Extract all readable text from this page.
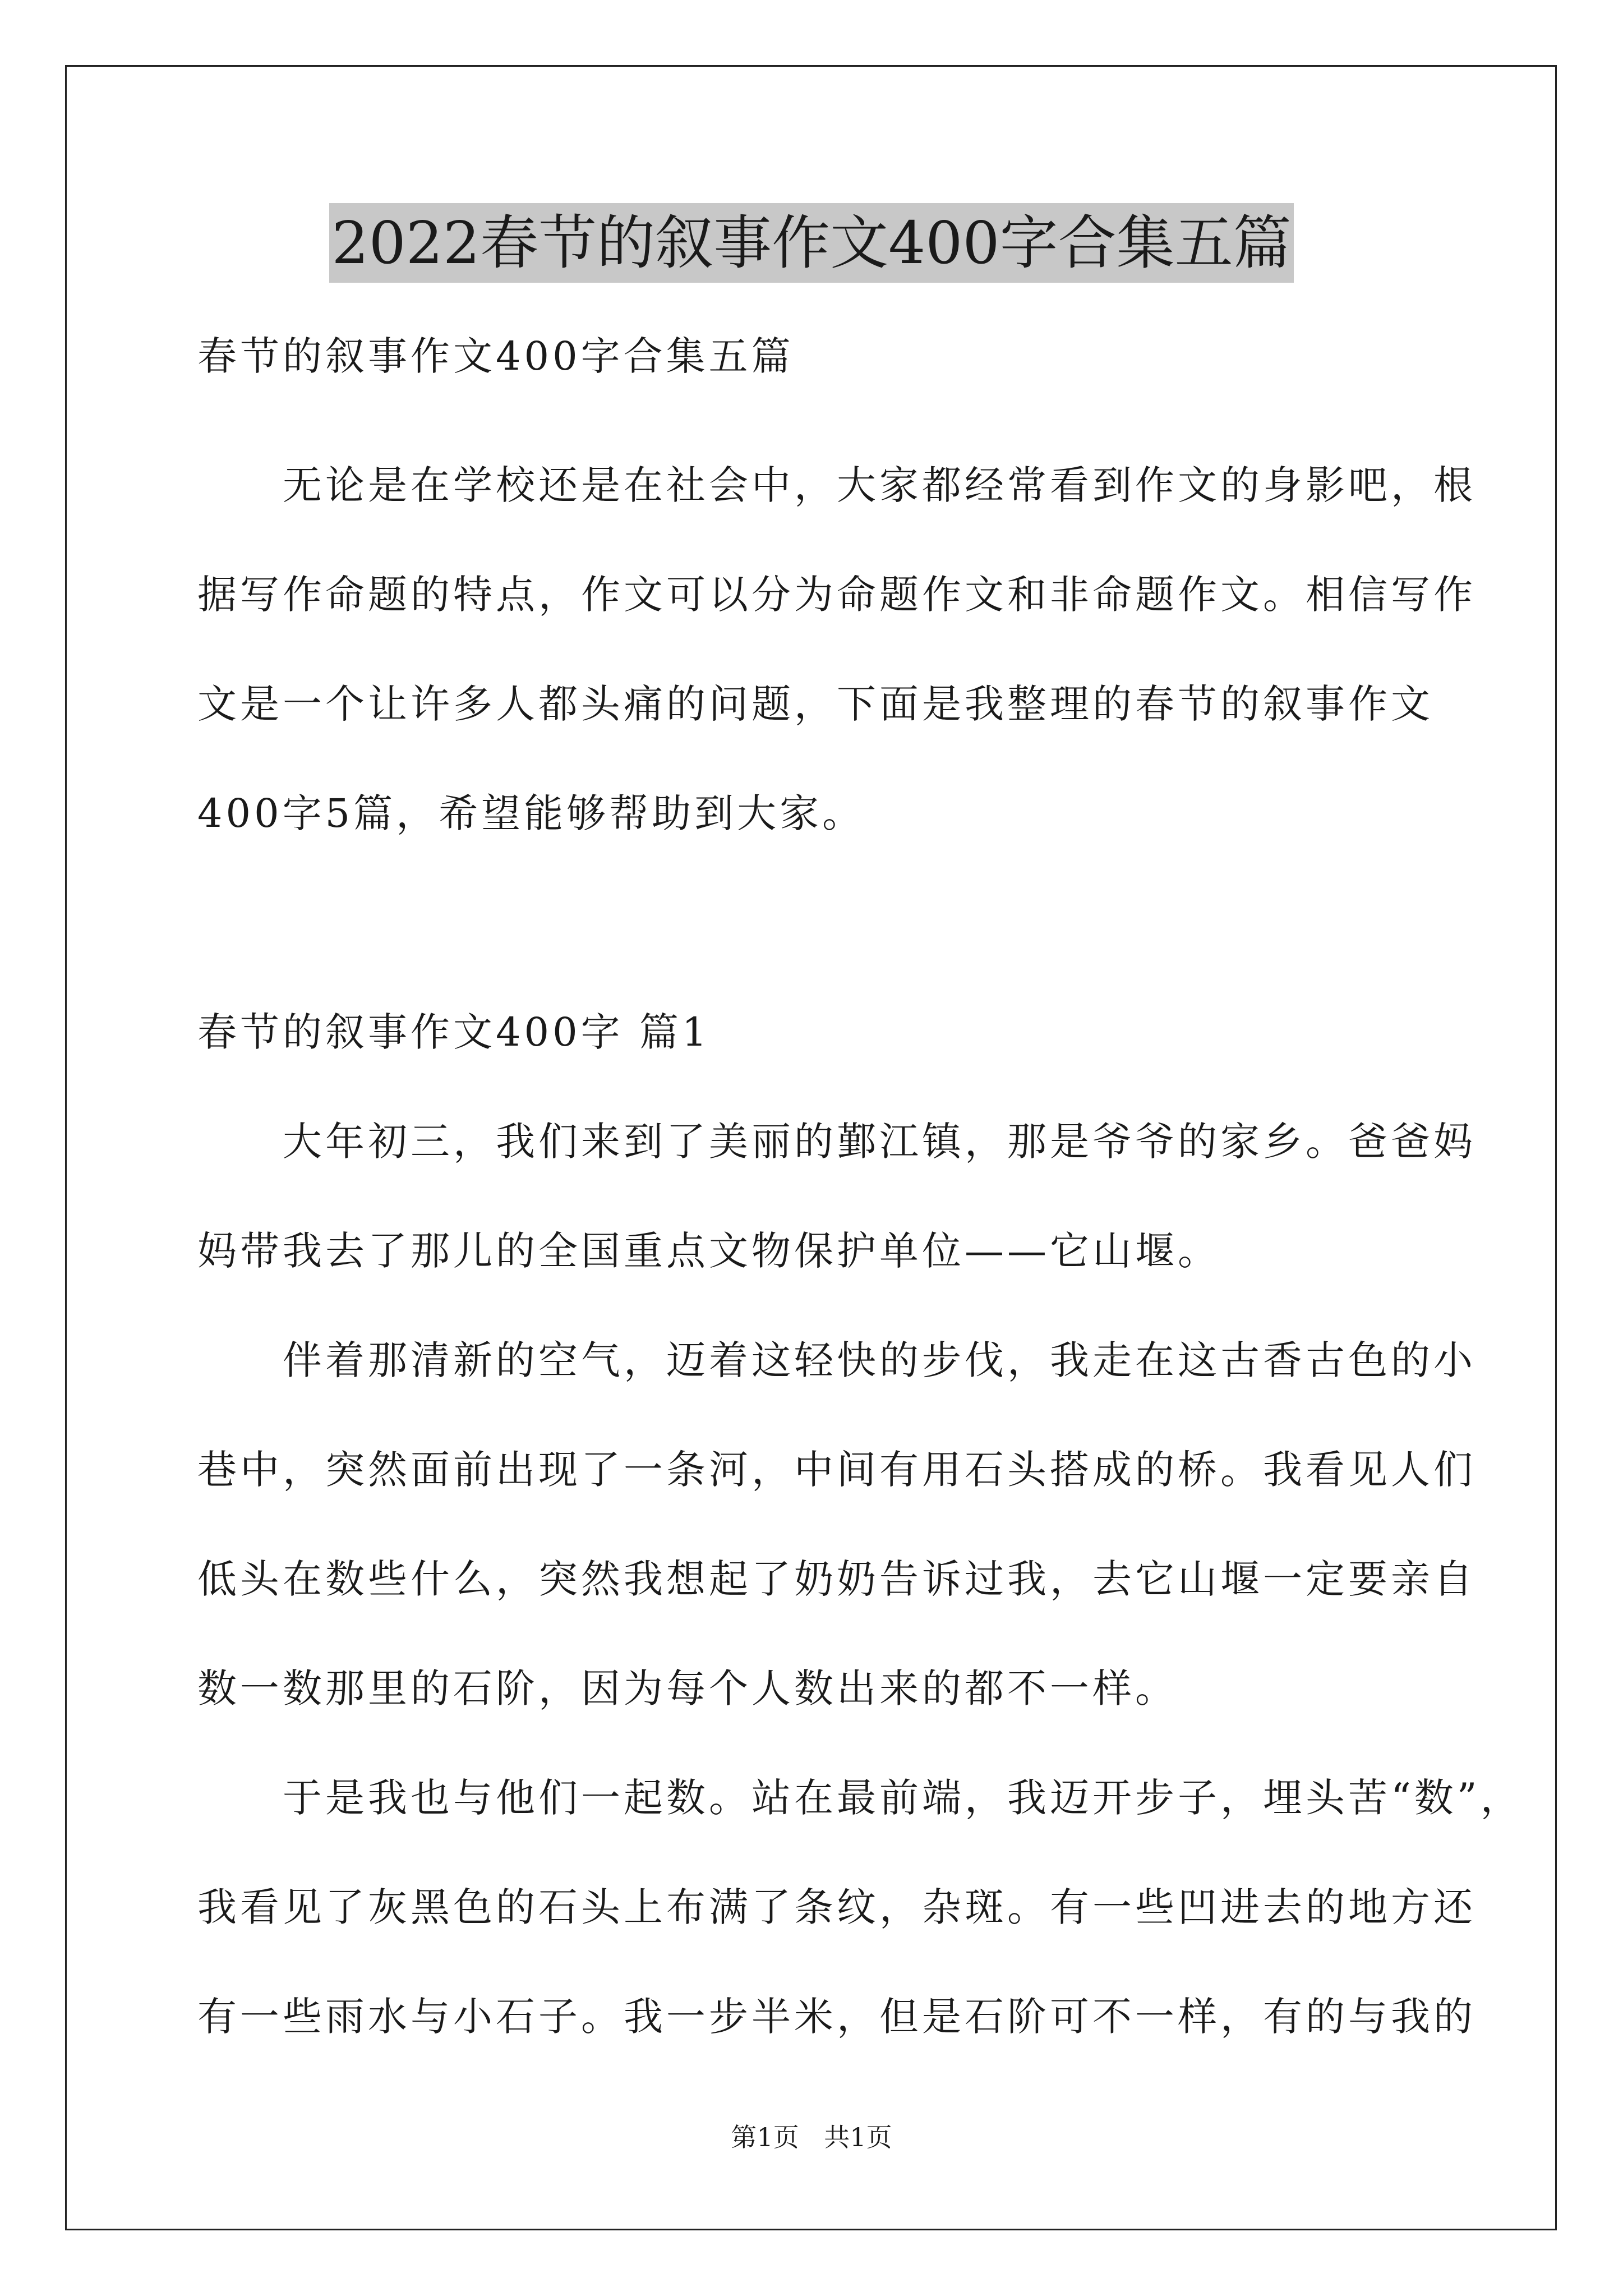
2022春节的叙事作文400字合集五篇
春节的叙事作文400字合集五篇
　　无论是在学校还是在社会中，大家都经常看到作文的身影吧，根
据写作命题的特点，作文可以分为命题作文和非命题作文。相信写作
文是一个让许多人都头痛的问题，下面是我整理的春节的叙事作文
400字5篇，希望能够帮助到大家。
春节的叙事作文400字 篇1
　　大年初三，我们来到了美丽的鄞江镇，那是爷爷的家乡。爸爸妈
妈带我去了那儿的全国重点文物保护单位——它山堰。
　　伴着那清新的空气，迈着这轻快的步伐，我走在这古香古色的小
巷中，突然面前出现了一条河，中间有用石头搭成的桥。我看见人们
低头在数些什么，突然我想起了奶奶告诉过我，去它山堰一定要亲自
数一数那里的石阶，因为每个人数出来的都不一样。
　　于是我也与他们一起数。站在最前端，我迈开步子，埋头苦“数”，
我看见了灰黑色的石头上布满了条纹，杂斑。有一些凹进去的地方还
有一些雨水与小石子。我一步半米，但是石阶可不一样，有的与我的
第1页 共1页
